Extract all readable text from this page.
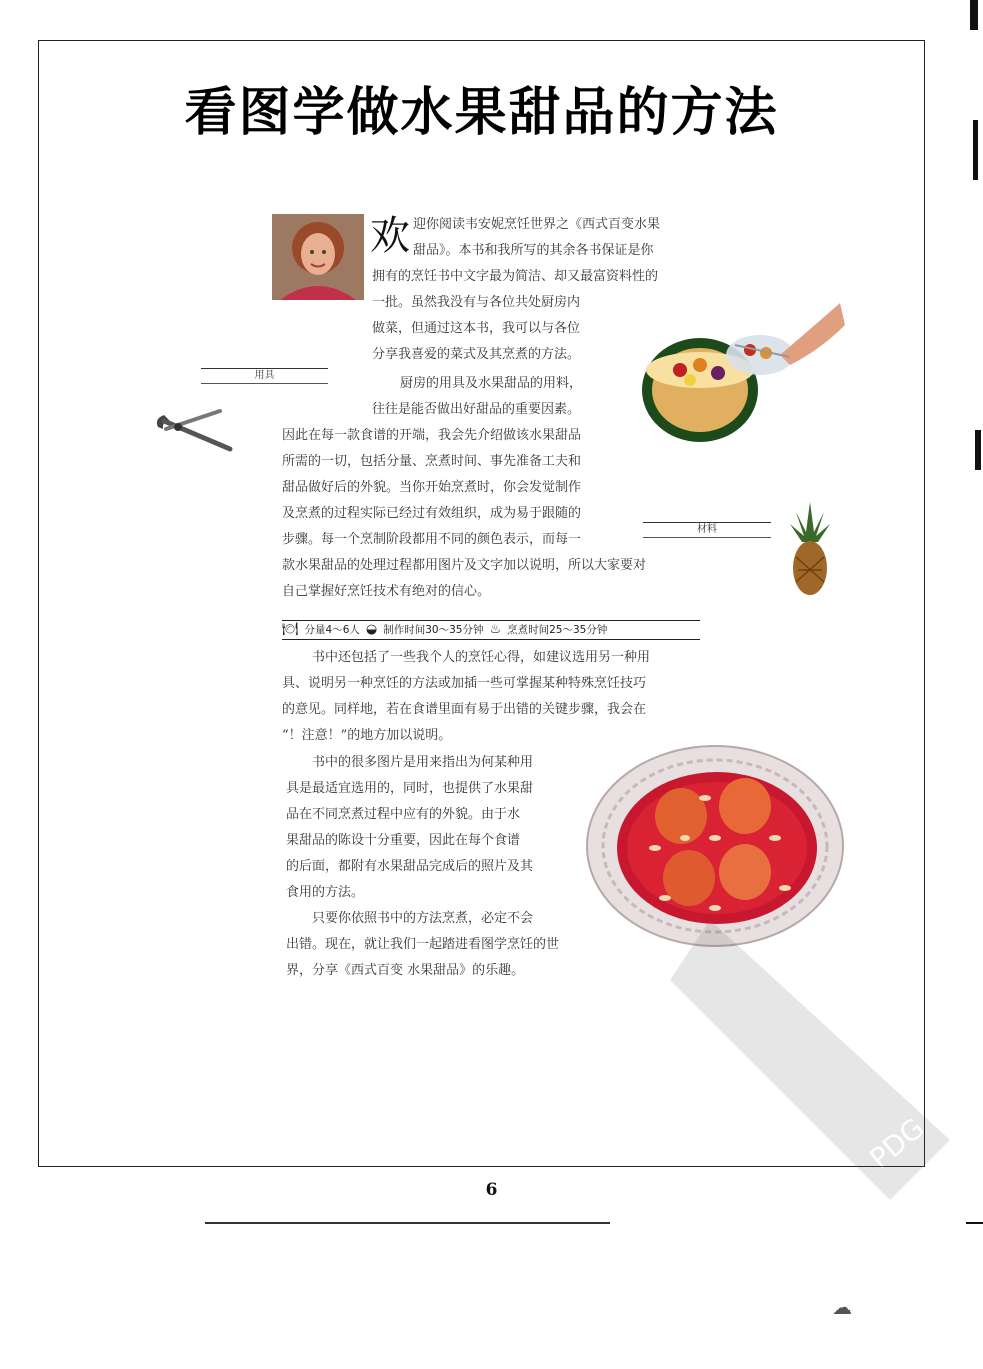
看图学做水果甜品的方法
欢 迎你阅读韦安妮烹饪世界之《西式百变水果
甜品》。本书和我所写的其余各书保证是你
拥有的烹饪书中文字最为简洁、却又最富资料性的
一批。虽然我没有与各位共处厨房内
做菜，但通过这本书，我可以与各位
分享我喜爱的菜式及其烹煮的方法。
用具
厨房的用具及水果甜品的用料，
往往是能否做出好甜品的重要因素。
因此在每一款食谱的开端，我会先介绍做该水果甜品
所需的一切，包括分量、烹煮时间、事先准备工夫和
甜品做好后的外貌。当你开始烹煮时，你会发觉制作
及烹煮的过程实际已经过有效组织，成为易于跟随的
步骤。每一个烹制阶段都用不同的颜色表示，而每一
款水果甜品的处理过程都用图片及文字加以说明，所以大家要对
自己掌握好烹饪技术有绝对的信心。
材料
🍽 分量4～6人 ◒ 制作时间30～35分钟 ♨ 烹煮时间25～35分钟
书中还包括了一些我个人的烹饪心得，如建议选用另一种用
具、说明另一种烹饪的方法或加插一些可掌握某种特殊烹饪技巧
的意见。同样地，若在食谱里面有易于出错的关键步骤，我会在
“！注意！”的地方加以说明。
书中的很多图片是用来指出为何某种用
具是最适宜选用的，同时，也提供了水果甜
品在不同烹煮过程中应有的外貌。由于水
果甜品的陈设十分重要，因此在每个食谱
的后面，都附有水果甜品完成后的照片及其
食用的方法。
只要你依照书中的方法烹煮，必定不会
出错。现在，就让我们一起踏进看图学烹饪的世
界，分享《西式百变 水果甜品》的乐趣。
PDG
6
☁
